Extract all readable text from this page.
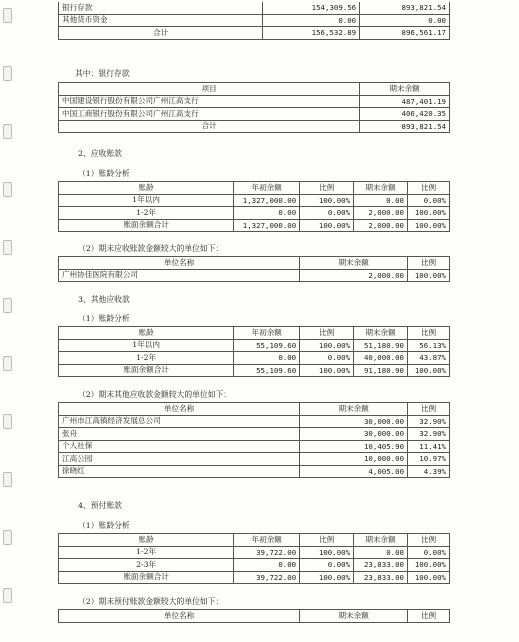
银行存款	154,309.56	893,821.54
其他货币资金	0.00	0.00
合计	156,532.89	896,561.17
其中：银行存款
项目	期末余额
中国建设银行股份有限公司广州江高支行	487,401.19
中国工商银行股份有限公司广州江高支行	406,420.35
合计	893,821.54
2、应收账款
（1）账龄分析
账龄	年初余额	比例	期末余额	比例
1年以内	1,327,000.00	100.00%	0.00	0.00%
1-2年	0.00	0.00%	2,000.00	100.00%
账面余额合计	1,327,000.00	100.00%	2,000.00	100.00%
（2）期末应收账款金额较大的单位如下：
单位名称	期末余额	比例
广州协佳医院有限公司	2,000.00	100.00%
3、其他应收款
（1）账龄分析
账龄	年初余额	比例	期末余额	比例
1年以内	55,109.60	100.00%	51,180.90	56.13%
1-2年	0.00	0.00%	40,000.00	43.87%
账面余额合计	55,109.60	100.00%	91,180.90	100.00%
（2）期末其他应收款金额较大的单位如下：
单位名称	期末余额	比例
广州市江高镇经济发展总公司	30,000.00	32.90%
张舟	30,000.00	32.90%
个人社保	10,405.90	11.41%
江高公园	10,000.00	10.97%
徐晓红	4,005.00	4.39%
4、预付账款
（1）账龄分析
账龄	年初余额	比例	期末余额	比例
1-2年	39,722.00	100.00%	0.00	0.00%
2-3年	0.00	0.00%	23,833.00	100.00%
账面余额合计	39,722.00	100.00%	23,833.00	100.00%
（2）期末预付账款金额较大的单位如下：
单位名称	期末余额	比例
